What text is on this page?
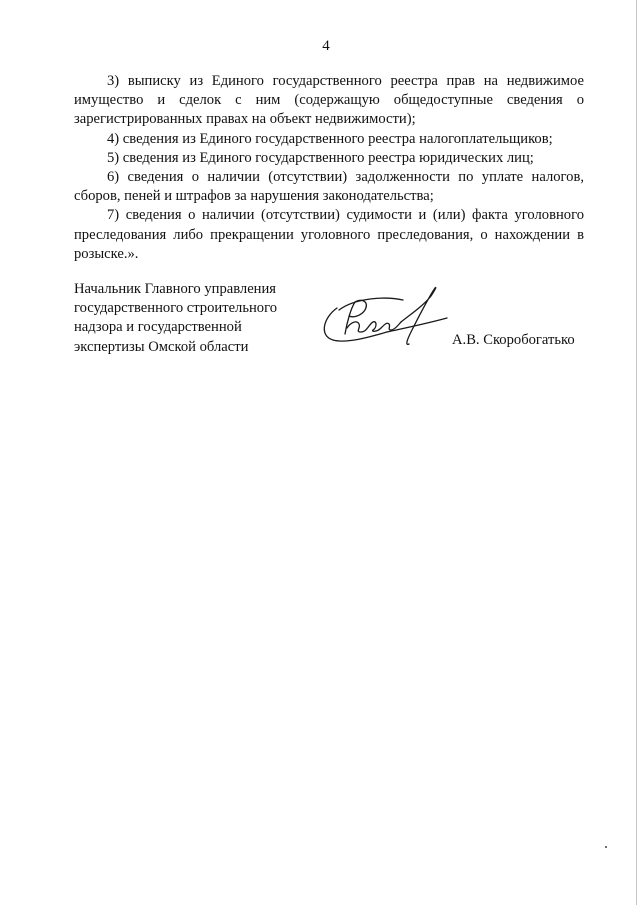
4

3) выписку из Единого государственного реестра прав на недвижимое имущество и сделок с ним (содержащую общедоступные сведения о зарегистрированных правах на объект недвижимости);

4) сведения из Единого государственного реестра налогоплательщиков;

5) сведения из Единого государственного реестра юридических лиц;

6) сведения о наличии (отсутствии) задолженности по уплате налогов, сборов, пеней и штрафов за нарушения законодательства;

7) сведения о наличии (отсутствии) судимости и (или) факта уголовного преследования либо прекращении уголовного преследования, о нахождении в розыске.».

Начальник Главного управления
государственного строительного
надзора и государственной
экспертизы Омской области	А.В. Скоробогатько
